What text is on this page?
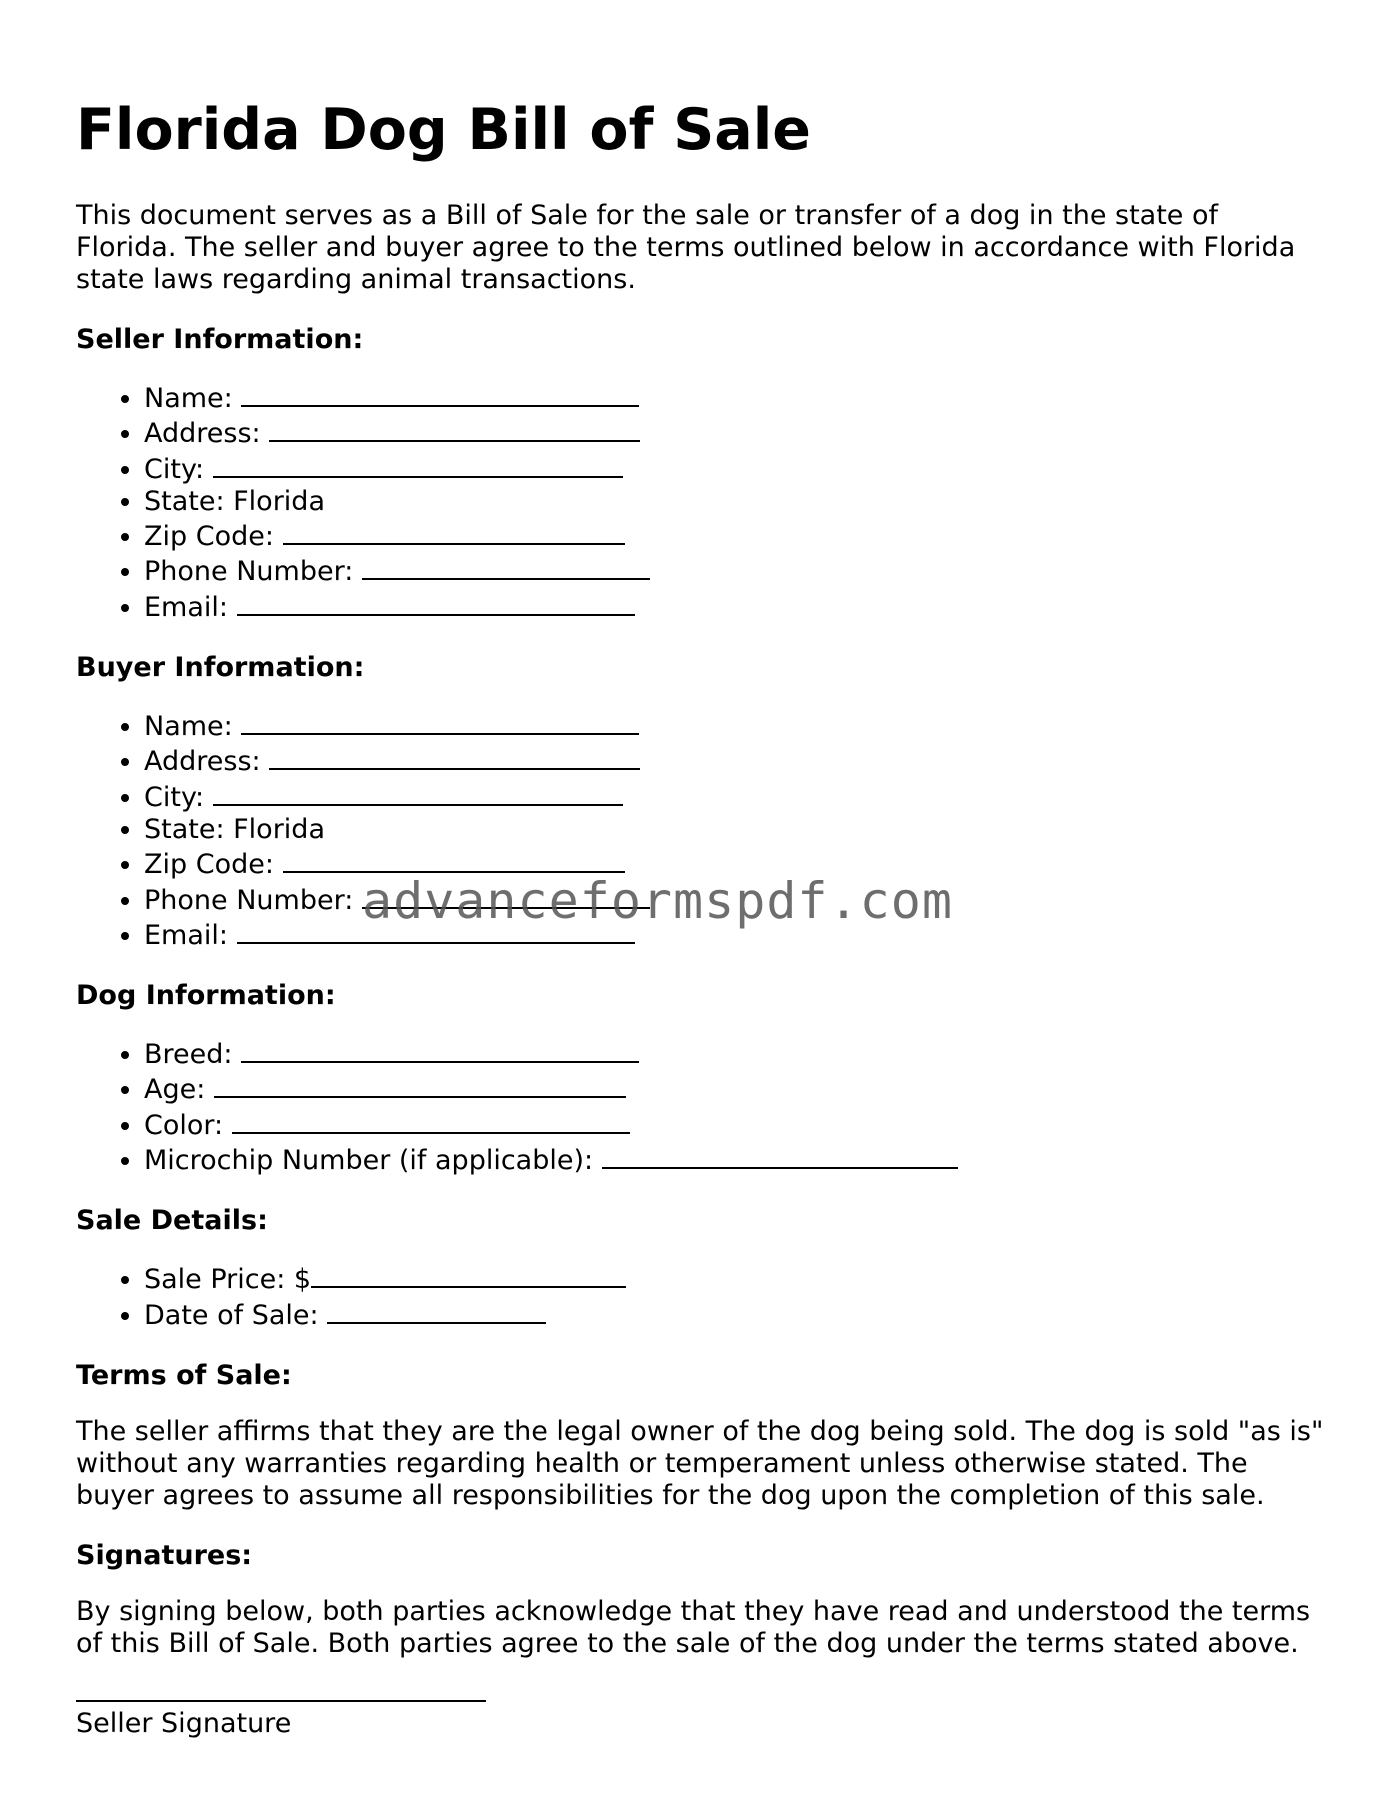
Florida Dog Bill of Sale

This document serves as a Bill of Sale for the sale or transfer of a dog in the state of Florida. The seller and buyer agree to the terms outlined below in accordance with Florida state laws regarding animal transactions.

Seller Information:
• Name:
• Address:
• City:
• State: Florida
• Zip Code:
• Phone Number:
• Email:
Buyer Information:
• Name:
• Address:
• City:
• State: Florida
• Zip Code:
• Phone Number:
• Email:
Dog Information:
• Breed:
• Age:
• Color:
• Microchip Number (if applicable):
Sale Details:
• Sale Price: $
• Date of Sale:
Terms of Sale:

The seller affirms that they are the legal owner of the dog being sold. The dog is sold "as is" without any warranties regarding health or temperament unless otherwise stated. The buyer agrees to assume all responsibilities for the dog upon the completion of this sale.

Signatures:

By signing below, both parties acknowledge that they have read and understood the terms of this Bill of Sale. Both parties agree to the sale of the dog under the terms stated above.

Seller Signature
advanceformspdf.com
